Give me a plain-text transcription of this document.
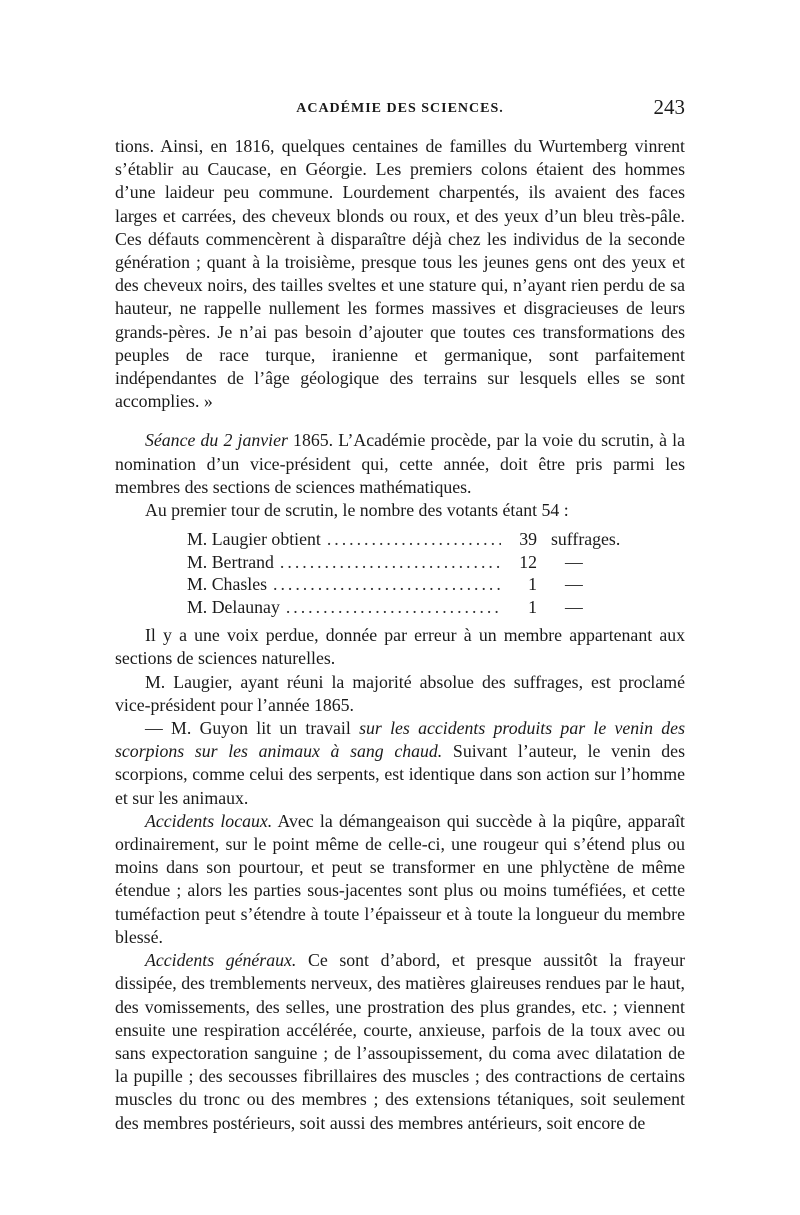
ACADÉMIE DES SCIENCES.	243

tions. Ainsi, en 1816, quelques centaines de familles du Wurtemberg vinrent s’établir au Caucase, en Géorgie. Les premiers colons étaient des hommes d’une laideur peu commune. Lourdement charpentés, ils avaient des faces larges et carrées, des cheveux blonds ou roux, et des yeux d’un bleu très-pâle. Ces défauts commencèrent à disparaître déjà chez les individus de la seconde génération ; quant à la troisième, presque tous les jeunes gens ont des yeux et des cheveux noirs, des tailles sveltes et une stature qui, n’ayant rien perdu de sa hauteur, ne rappelle nullement les formes massives et disgracieuses de leurs grands-pères. Je n’ai pas besoin d’ajouter que toutes ces transformations des peuples de race turque, iranienne et germanique, sont parfaitement indépendantes de l’âge géologique des terrains sur lesquels elles se sont accomplies. »

Séance du 2 janvier 1865. L’Académie procède, par la voie du scrutin, à la nomination d’un vice-président qui, cette année, doit être pris parmi les membres des sections de sciences mathématiques.

Au premier tour de scrutin, le nombre des votants étant 54 :

M. Laugier obtient .....	39 suffrages.
M. Bertrand .....	12	—
M. Chasles .....	1	—
M. Delaunay .....	1	—

Il y a une voix perdue, donnée par erreur à un membre appartenant aux sections de sciences naturelles.

M. Laugier, ayant réuni la majorité absolue des suffrages, est proclamé vice-président pour l’année 1865.

— M. Guyon lit un travail sur les accidents produits par le venin des scorpions sur les animaux à sang chaud. Suivant l’auteur, le venin des scorpions, comme celui des serpents, est identique dans son action sur l’homme et sur les animaux.

Accidents locaux. Avec la démangeaison qui succède à la piqûre, apparaît ordinairement, sur le point même de celle-ci, une rougeur qui s’étend plus ou moins dans son pourtour, et peut se transformer en une phlyctène de même étendue ; alors les parties sous-jacentes sont plus ou moins tuméfiées, et cette tuméfaction peut s’étendre à toute l’épaisseur et à toute la longueur du membre blessé.

Accidents généraux. Ce sont d’abord, et presque aussitôt la frayeur dissipée, des tremblements nerveux, des matières glaireuses rendues par le haut, des vomissements, des selles, une prostration des plus grandes, etc. ; viennent ensuite une respiration accélérée, courte, anxieuse, parfois de la toux avec ou sans expectoration sanguine ; de l’assoupissement, du coma avec dilatation de la pupille ; des secousses fibrillaires des muscles ; des contractions de certains muscles du tronc ou des membres ; des extensions tétaniques, soit seulement des membres postérieurs, soit aussi des membres antérieurs, soit encore de
